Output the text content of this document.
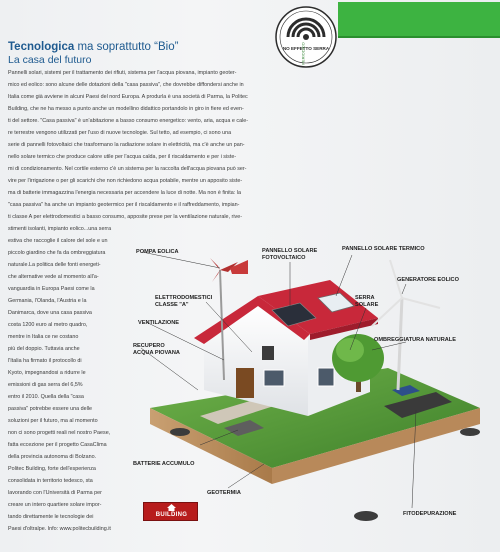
NO EFFETTO SERRA
PERIODICO
Tecnologica ma soprattutto “Bio”
La casa del futuro
Pannelli solari, sistemi per il trattamento dei rifiuti, sistema per l'acqua piovana, impianto geoter-
mico ed eolico: sono alcune delle dotazioni della "casa passiva", che dovrebbe diffondersi anche in
Italia come già avviene in alcuni Paesi del nord Europa. A produrla è una società di Parma, la Politec
Building, che ne ha messo a punto anche un modellino didattico portandolo in giro in fiere ed even-
ti del settore. "Casa passiva" è un'abitazione a basso consumo energetico: vento, aria, acqua e cale-
re terrestre vengono utilizzati per l'uso di nuove tecnologie. Sul tetto, ad esempio, ci sono una
serie di pannelli fotovoltaici che trasformano la radiazione solare in elettricità, ma c'è anche un pan-
nello solare termico che produce calore utile per l'acqua calda, per il riscaldamento e per i siste-
mi di condizionamento. Nel cortile esterno c'è un sistema per la raccolta dell'acqua piovana può ser-
vire per l'irrigazione o per gli scarichi che non richiedono acqua potabile, mentre un apposito siste-
ma di batterie immagazzina l'energia necessaria per accendere la luce di notte. Ma non è finita: la
"casa passiva" ha anche un impianto geotermico per il riscaldamento e il raffreddamento, impian-
ti classe A per elettrodomestici a basso consumo, apposite prese per la ventilazione naturale, rive-
stimenti isolanti, impianto eolico...una serra
estiva che raccoglie il calore del sole e un
piccolo giardino che fa da ombreggiatura
naturale.La politica delle fonti energeti-
che alternative vede al momento all'a-
vanguardia in Europa Paesi come la
Germania, l'Olanda, l'Austria e la
Danimarca, dove una casa passiva
costa 1200 euro al metro quadro,
mentre in Italia ce ne costano
più del doppio. Tuttavia anche
l'Italia ha firmato il protocollo di
Kyoto, impegnandosi a ridurre le
emissioni di gas serra del 6,5%
entro il 2010. Quella della "casa
passiva" potrebbe essere una delle
soluzioni per il futuro, ma al momento
non ci sono progetti reali nel nostro Paese,
fatta eccezione per il progetto CasaClima
della provincia autonoma di Bolzano.
Politec Building, forte dell'esperienza
consolidata in territorio tedesco, sta
lavorando con l'Università di Parma per
creare un intero quartiere solare impor-
tando direttamente le tecnologie dei
Paesi d'oltralpe. Info: www.politecbuilding.it
POMPA EOLICA	PANNELLO SOLARE
FOTOVOLTAICO
PANNELLO SOLARE TERMICO
GENERATORE EOLICO
ELETTRODOMESTICI
CLASSE "A"
SERRA
SOLARE
VENTILAZIONE
RECUPERO
ACQUA PIOVANA
OMBREGGIATURA NATURALE
BATTERIE ACCUMULO
GEOTERMIA
FITODEPURAZIONE
BUILDING
